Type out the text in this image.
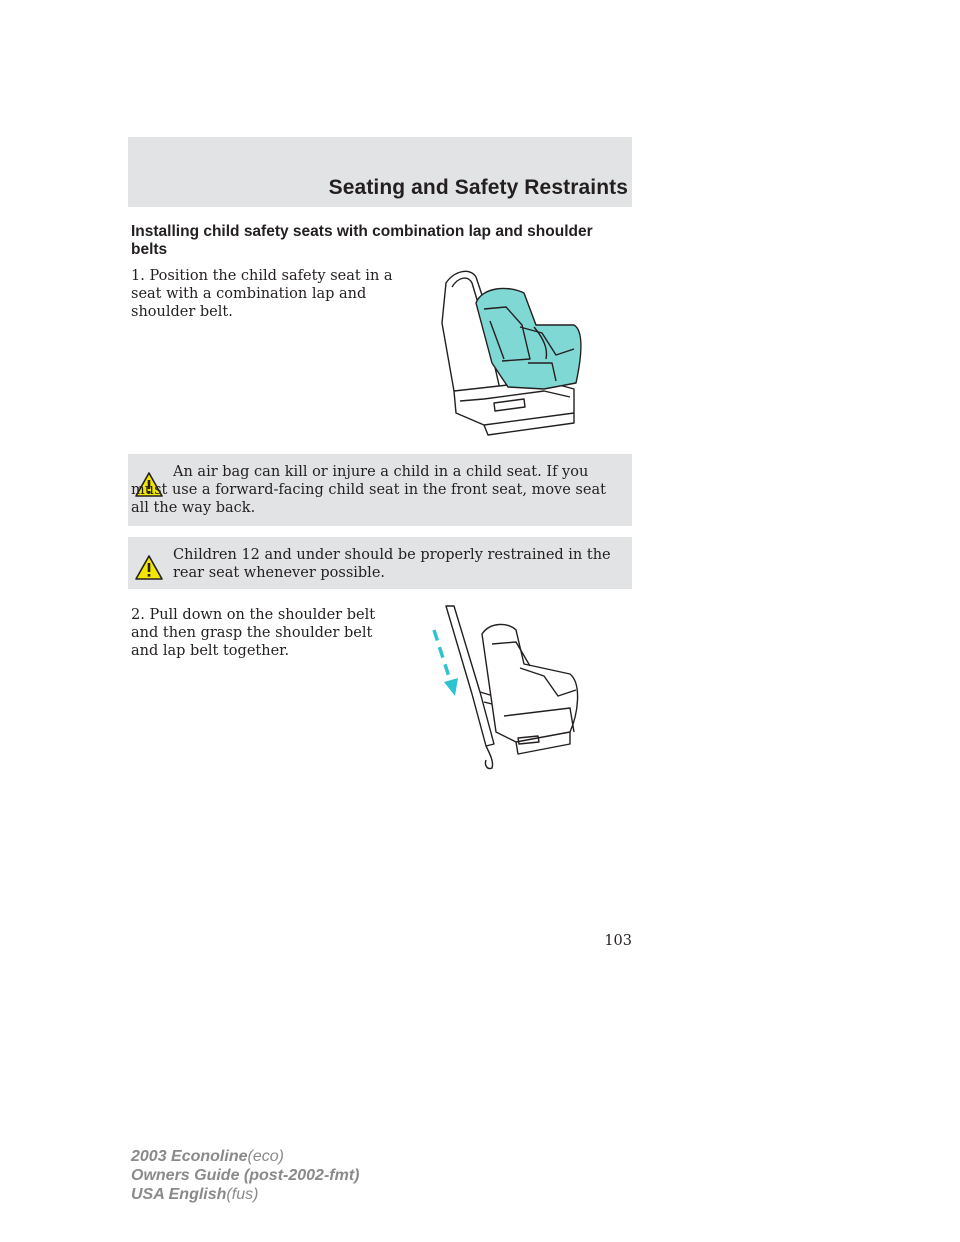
Seating and Safety Restraints
Installing child safety seats with combination lap and shoulder belts
1. Position the child safety seat in a seat with a combination lap and shoulder belt.
An air bag can kill or injure a child in a child seat. If you must use a forward-facing child seat in the front seat, move seat all the way back.
Children 12 and under should be properly restrained in the rear seat whenever possible.
2. Pull down on the shoulder belt and then grasp the shoulder belt and lap belt together.
103
2003 Econoline(eco)
Owners Guide (post-2002-fmt)
USA English(fus)
